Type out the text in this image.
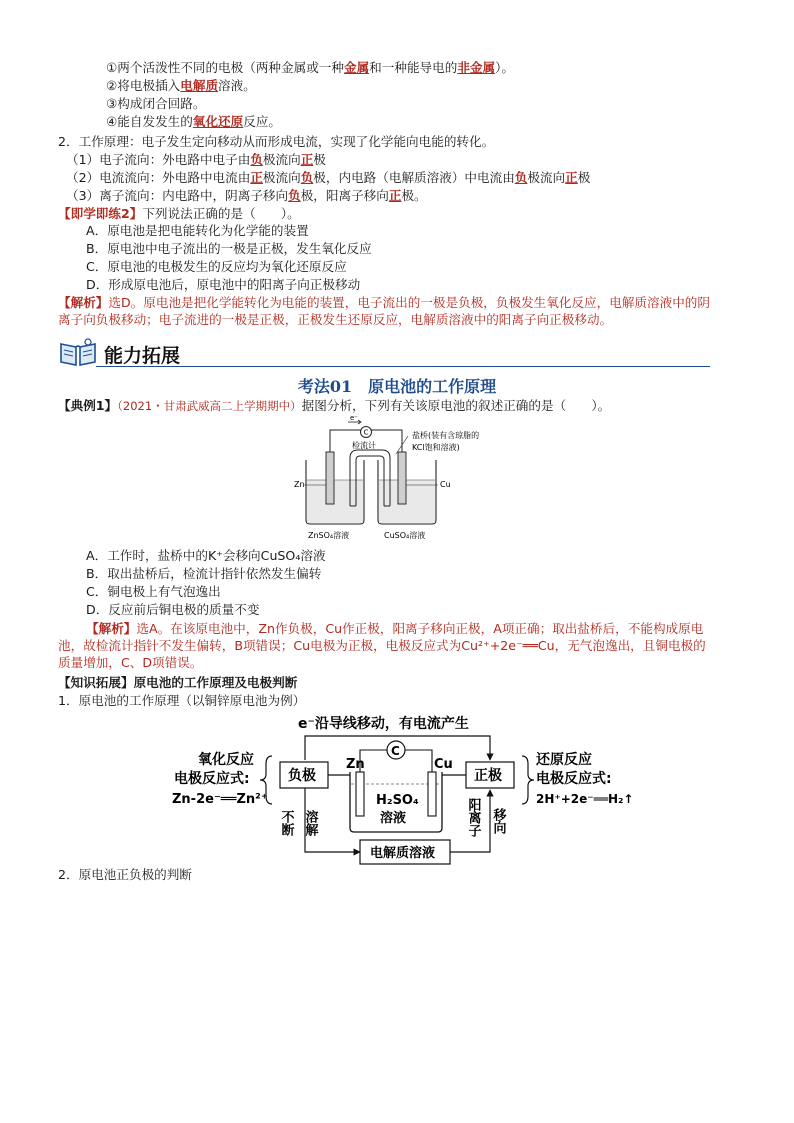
①两个活泼性不同的电极（两种金属或一种金属和一种能导电的非金属）。
②将电极插入电解质溶液。
③构成闭合回路。
④能自发发生的氧化还原反应。
2．工作原理：电子发生定向移动从而形成电流，实现了化学能向电能的转化。
（1）电子流向：外电路中电子由负极流向正极
（2）电流流向：外电路中电流由正极流向负极，内电路（电解质溶液）中电流由负极流向正极
（3）离子流向：内电路中，阴离子移向负极，阳离子移向正极。
【即学即练2】下列说法正确的是（　　）。
A．原电池是把电能转化为化学能的装置
B．原电池中电子流出的一极是正极，发生氧化反应
C．原电池的电极发生的反应均为氧化还原反应
D．形成原电池后，原电池中的阳离子向正极移动
【解析】选D。原电池是把化学能转化为电能的装置，电子流出的一极是负极，负极发生氧化反应，电解质溶液中的阴离子向负极移动；电子流进的一极是正极，正极发生还原反应，电解质溶液中的阳离子向正极移动。
能力拓展
考法01　原电池的工作原理
【典例1】（2021・甘肃武威高二上学期期中）据图分析，下列有关该原电池的叙述正确的是（　　）。
e⁻
C
检流计
盐桥(装有含琼脂的
KCl饱和溶液)
Zn	Cu
ZnSO₄溶液	CuSO₄溶液
A．工作时，盐桥中的K⁺会移向CuSO₄溶液
B．取出盐桥后，检流计指针依然发生偏转
C．铜电极上有气泡逸出
D．反应前后铜电极的质量不变
【解析】选A。在该原电池中，Zn作负极，Cu作正极，阳离子移向正极，A项正确；取出盐桥后，不能构成原电池，故检流计指针不发生偏转，B项错误；Cu电极为正极，电极反应式为Cu²⁺+2e⁻══Cu，无气泡逸出，且铜电极的质量增加，C、D项错误。
【知识拓展】原电池的工作原理及电极判断
1．原电池的工作原理（以铜锌原电池为例）
e⁻沿导线移动，有电流产生
氧化反应
电极反应式:
Zn-2e⁻══Zn²⁺
负极
C
Zn	Cu
H₂SO₄
溶液
正极
还原反应
电极反应式:
2H⁺+2e⁻══H₂↑
电解质溶液
不断 溶解	阳离子 移向
2．原电池正负极的判断
